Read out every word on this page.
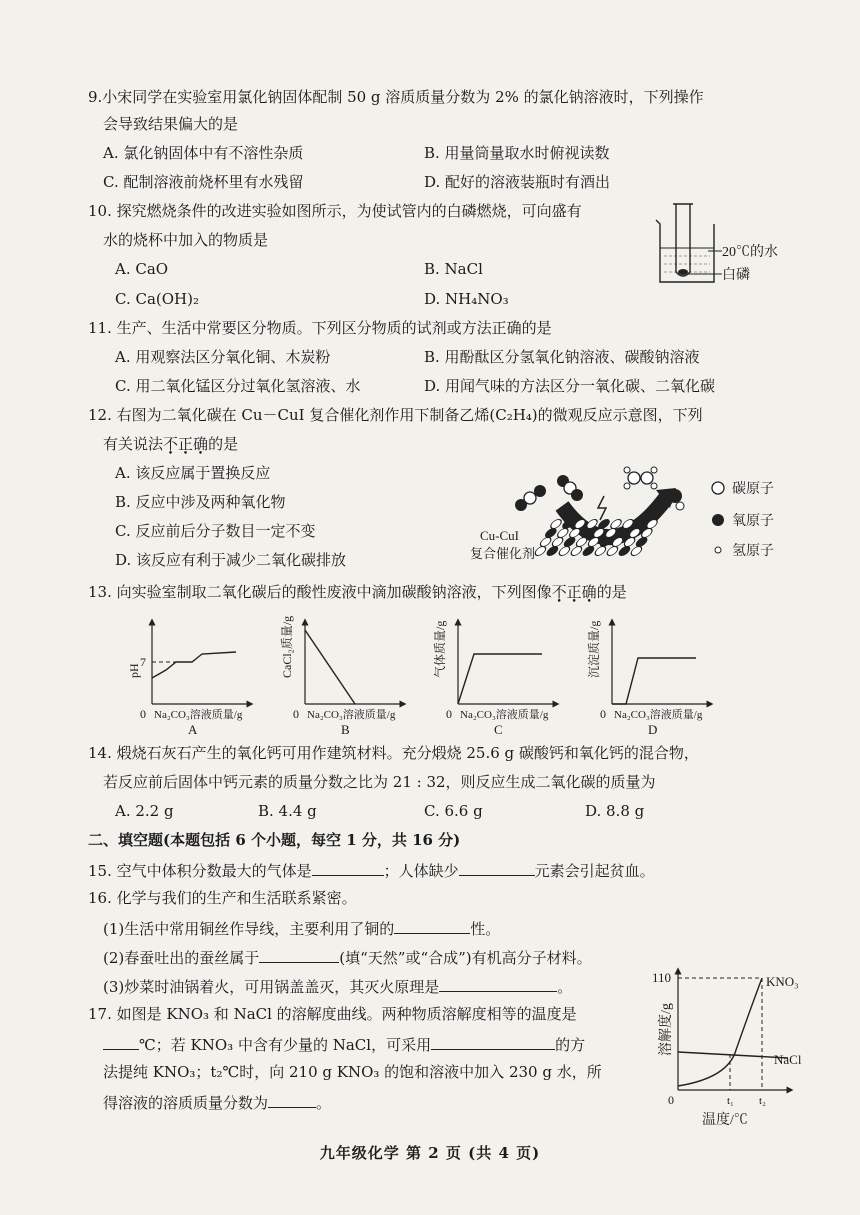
9.小宋同学在实验室用氯化钠固体配制 50 g 溶质质量分数为 2% 的氯化钠溶液时，下列操作
会导致结果偏大的是
A. 氯化钠固体中有不溶性杂质	B. 用量筒量取水时俯视读数
C. 配制溶液前烧杯里有水残留	D. 配好的溶液装瓶时有酒出
10. 探究燃烧条件的改进实验如图所示，为使试管内的白磷燃烧，可向盛有
水的烧杯中加入的物质是
A. CaO	B. NaCl
C. Ca(OH)₂	D. NH₄NO₃
20℃的水
白磷
11. 生产、生活中常要区分物质。下列区分物质的试剂或方法正确的是
A. 用观察法区分氧化铜、木炭粉	B. 用酚酞区分氢氧化钠溶液、碳酸钠溶液
C. 用二氧化锰区分过氧化氢溶液、水	D. 用闻气味的方法区分一氧化碳、二氧化碳
12. 右图为二氧化碳在 Cu－CuI 复合催化剂作用下制备乙烯(C₂H₄)的微观反应示意图，下列
有关说法不正确的是
A. 该反应属于置换反应
B. 反应中涉及两种氧化物
C. 反应前后分子数目一定不变
D. 该反应有利于减少二氧化碳排放
Cu-CuI
复合催化剂
碳原子
氧原子
氢原子
13. 向实验室制取二氧化碳后的酸性废液中滴加碳酸钠溶液，下列图像不正确的是
7
pH
0 Na₂CO₃溶液质量/g
A
CaCl₂质量/g
0 Na₂CO₃溶液质量/g
B
气体质量/g
0 Na₂CO₃溶液质量/g
C
沉淀质量/g
0 Na₂CO₃溶液质量/g
D
14. 煅烧石灰石产生的氧化钙可用作建筑材料。充分煅烧 25.6 g 碳酸钙和氧化钙的混合物，
若反应前后固体中钙元素的质量分数之比为 21 : 32，则反应生成二氧化碳的质量为
A. 2.2 g	B. 4.4 g	C. 6.6 g	D. 8.8 g
二、填空题(本题包括 6 个小题，每空 1 分，共 16 分)
15. 空气中体积分数最大的气体是	；人体缺少	元素会引起贫血。
16. 化学与我们的生产和生活联系紧密。
(1)生活中常用铜丝作导线，主要利用了铜的	性。
(2)春蚕吐出的蚕丝属于	(填“天然”或“合成”)有机高分子材料。
(3)炒菜时油锅着火，可用锅盖盖灭，其灭火原理是	。
17. 如图是 KNO₃ 和 NaCl 的溶解度曲线。两种物质溶解度相等的温度是
℃；若 KNO₃ 中含有少量的 NaCl，可采用	的方
法提纯 KNO₃；t₂℃时，向 210 g KNO₃ 的饱和溶液中加入 230 g 水，所
得溶液的溶质质量分数为	。
110
t₁ t₂
0
温度/℃
溶解度/g
KNO₃
NaCl
九年级化学 第 2 页 (共 4 页)
